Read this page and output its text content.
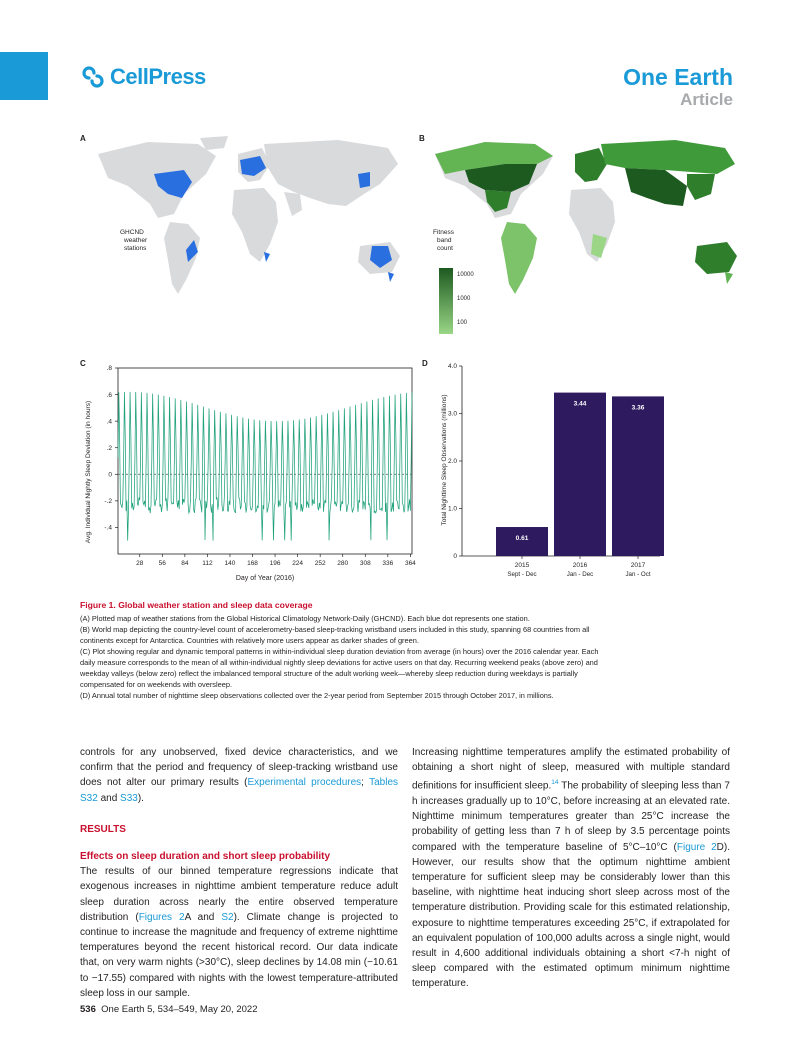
CellPress	One Earth
Article
A
GHCND
weather
stations
B
Fitness
band
count
10000
1000
100
C
.8
.6
.4
.2
0
-.2
-.4
28 56 84 112 140 168 196 224 252 280 308 336 364
Avg. Individual Nightly Sleep Deviation (in hours)
Day of Year (2016)
D	4.0
3.0
2.0
1.0
0
0.61
2015
Sept - Dec
3.44
2016
Jan - Dec
3.36
2017
Jan - Oct
Total Nighttime Sleep Observations (millions)
Figure 1. Global weather station and sleep data coverage

(A) Plotted map of weather stations from the Global Historical Climatology Network-Daily (GHCND). Each blue dot represents one station.

(B) World map depicting the country-level count of accelerometry-based sleep-tracking wristband users included in this study, spanning 68 countries from all

continents except for Antarctica. Countries with relatively more users appear as darker shades of green.

(C) Plot showing regular and dynamic temporal patterns in within-individual sleep duration deviation from average (in hours) over the 2016 calendar year. Each

daily measure corresponds to the mean of all within-individual nightly sleep deviations for active users on that day. Recurring weekend peaks (above zero) and

weekday valleys (below zero) reflect the imbalanced temporal structure of the adult working week—whereby sleep reduction during weekdays is partially

compensated for on weekends with oversleep.

(D) Annual total number of nighttime sleep observations collected over the 2-year period from September 2015 through October 2017, in millions.

controls for any unobserved, fixed device characteristics, and we confirm that the period and frequency of sleep-tracking wristband use does not alter our primary results (Experimental procedures; Tables S32 and S33).

RESULTS
Effects on sleep duration and short sleep probability

The results of our binned temperature regressions indicate that exogenous increases in nighttime ambient temperature reduce adult sleep duration across nearly the entire observed temperature distribution (Figures 2A and S2). Climate change is projected to continue to increase the magnitude and frequency of extreme nighttime temperatures beyond the recent historical record. Our data indicate that, on very warm nights (>30°C), sleep declines by 14.08 min (−10.61 to −17.55) compared with nights with the lowest temperature-attributed sleep loss in our sample.

Increasing nighttime temperatures amplify the estimated probability of obtaining a short night of sleep, measured with multiple standard definitions for insufficient sleep.$^{14}$ The probability of sleeping less than 7 h increases gradually up to 10°C, before increasing at an elevated rate. Nighttime minimum temperatures greater than 25°C increase the probability of getting less than 7 h of sleep by 3.5 percentage points compared with the temperature baseline of 5°C–10°C (Figure 2D). However, our results show that the optimum nighttime ambient temperature for sufficient sleep may be considerably lower than this baseline, with nighttime heat inducing short sleep across most of the temperature distribution. Providing scale for this estimated relationship, exposure to nighttime temperatures exceeding 25°C, if extrapolated for an equivalent population of 100,000 adults across a single night, would result in 4,600 additional individuals obtaining a short <7-h night of sleep compared with the estimated optimum minimum nighttime temperature.

536 One Earth 5, 534–549, May 20, 2022
